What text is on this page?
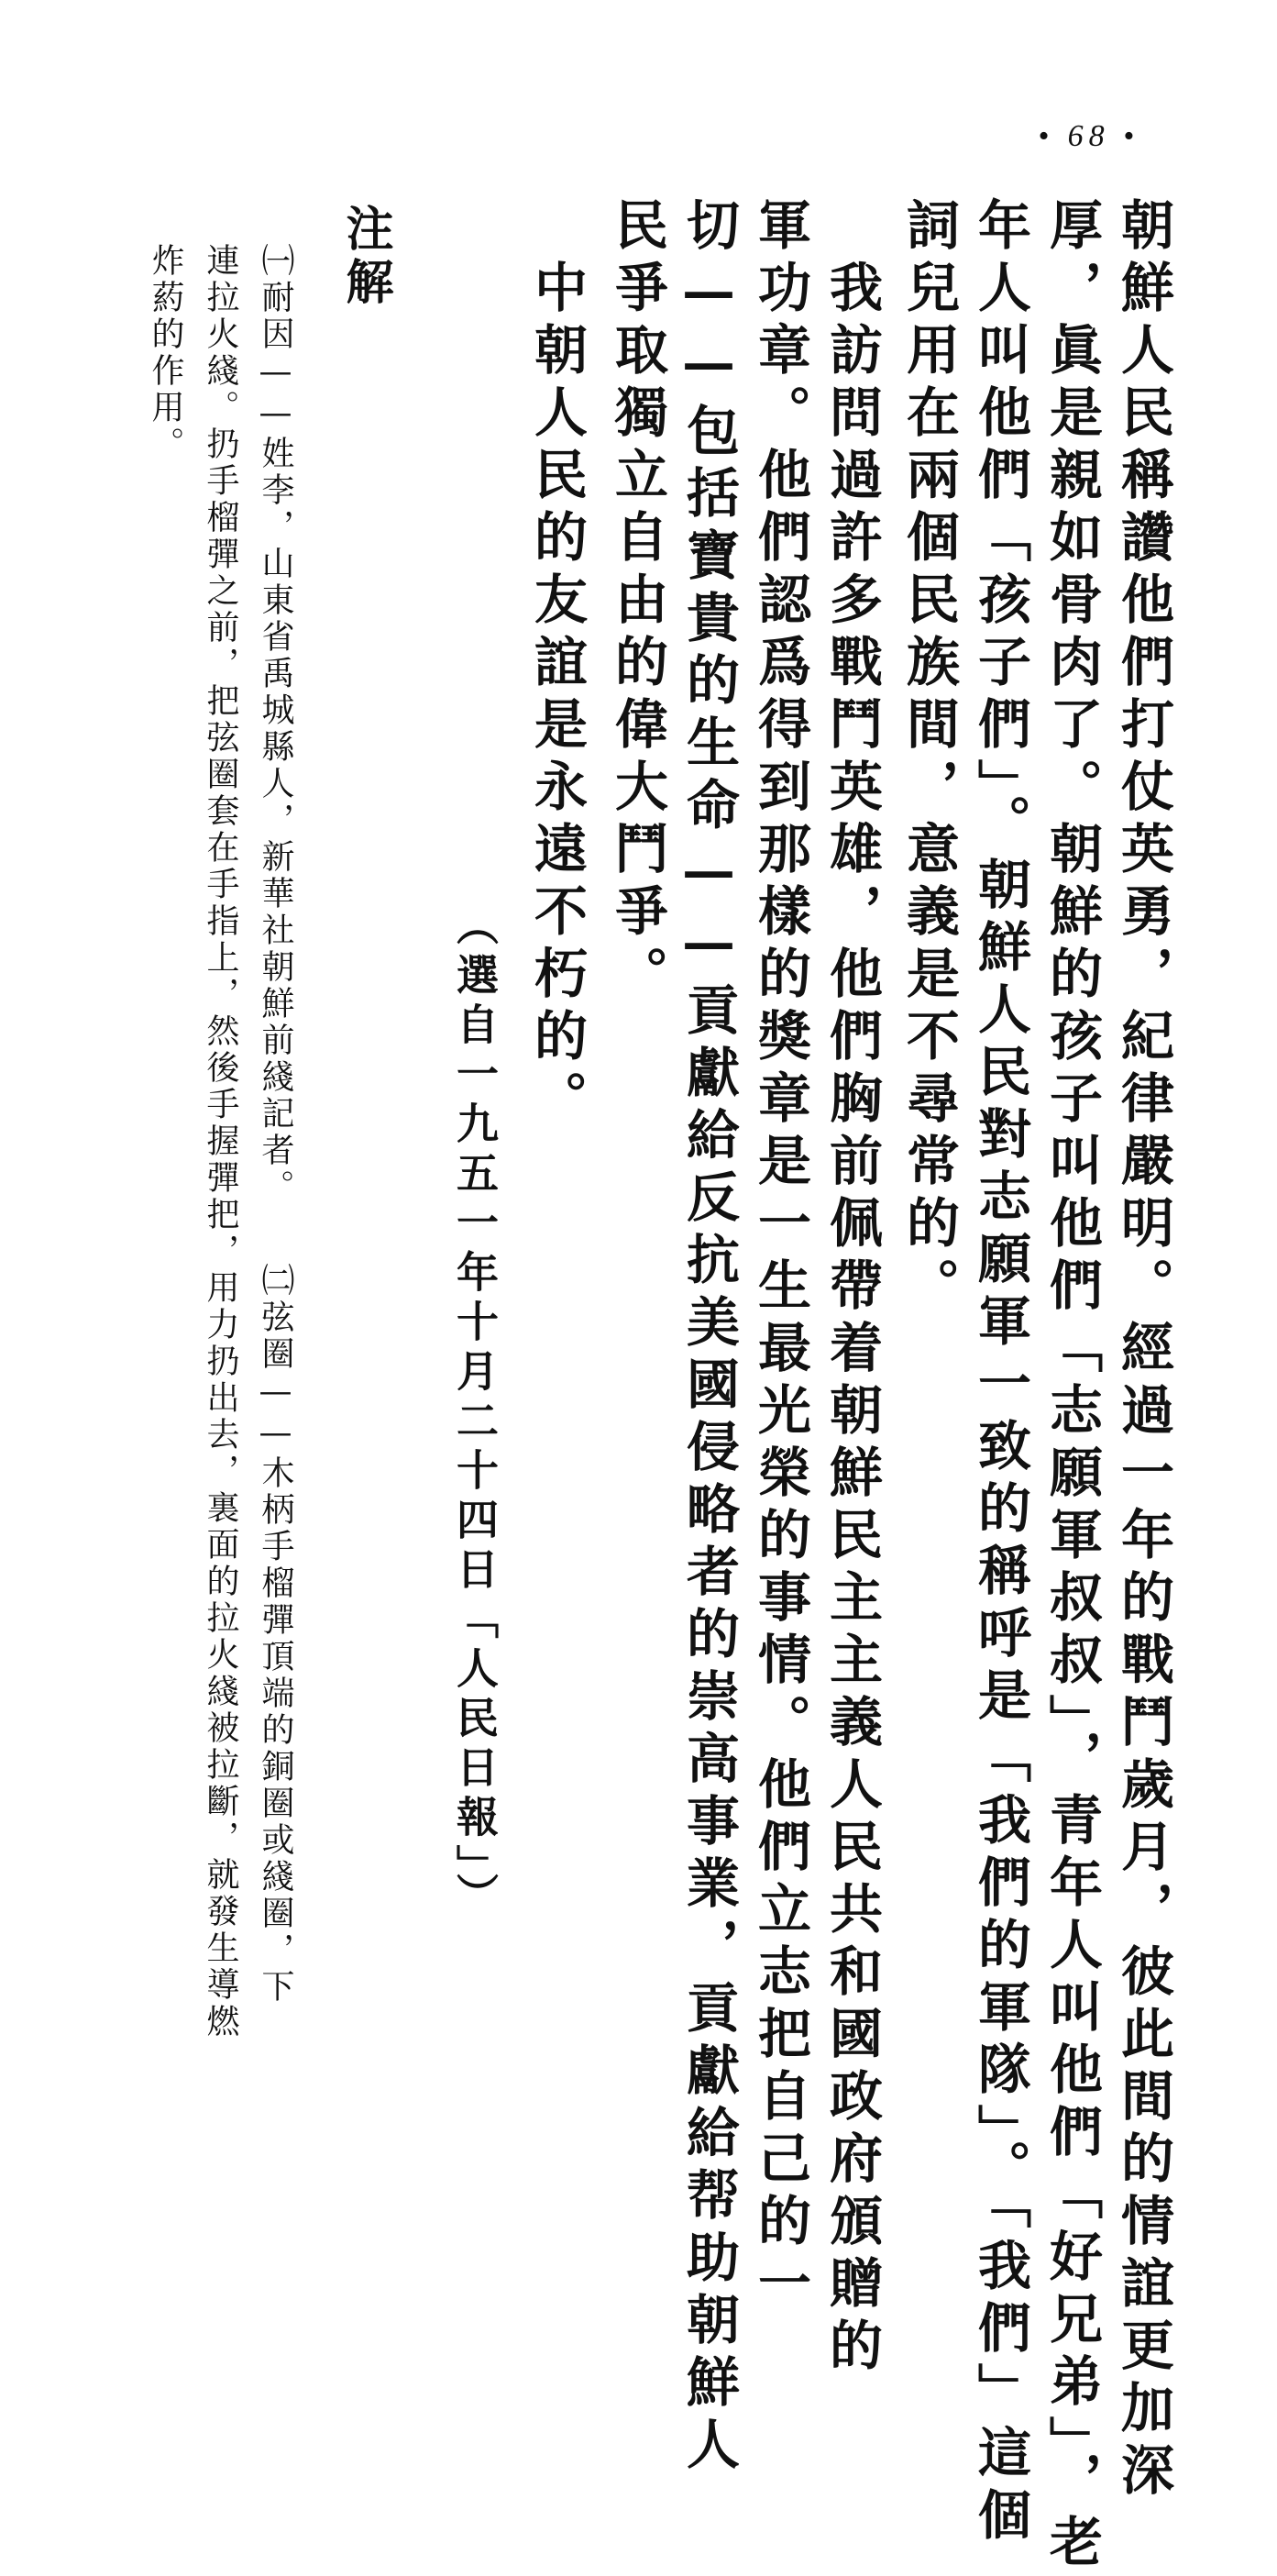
• 68 •
朝鮮人民稱讚他們打仗英勇，紀律嚴明。經過一年的戰鬥歲月，彼此間的情誼更加深
厚，眞是親如骨肉了。朝鮮的孩子叫他們「志願軍叔叔」，青年人叫他們「好兄弟」，老
年人叫他們「孩子們」。朝鮮人民對志願軍一致的稱呼是「我們的軍隊」。「我們」這個
詞兒用在兩個民族間，意義是不尋常的。
　我訪問過許多戰鬥英雄，他們胸前佩帶着朝鮮民主主義人民共和國政府頒贈的
軍功章。他們認爲得到那樣的獎章是一生最光榮的事情。他們立志把自己的一
切——包括寶貴的生命——貢獻給反抗美國侵略者的崇高事業，貢獻給帮助朝鮮人
民爭取獨立自由的偉大鬥爭。
　中朝人民的友誼是永遠不朽的。
（選自一九五一年十月二十四日「人民日報」）
注解
㈠耐因——姓李，山東省禹城縣人，新華社朝鮮前綫記者。　　㈡弦圈——木柄手榴彈頂端的銅圈或綫圈，下
連拉火綫。扔手榴彈之前，把弦圈套在手指上，然後手握彈把，用力扔出去，裏面的拉火綫被拉斷，就發生導燃
炸葯的作用。
